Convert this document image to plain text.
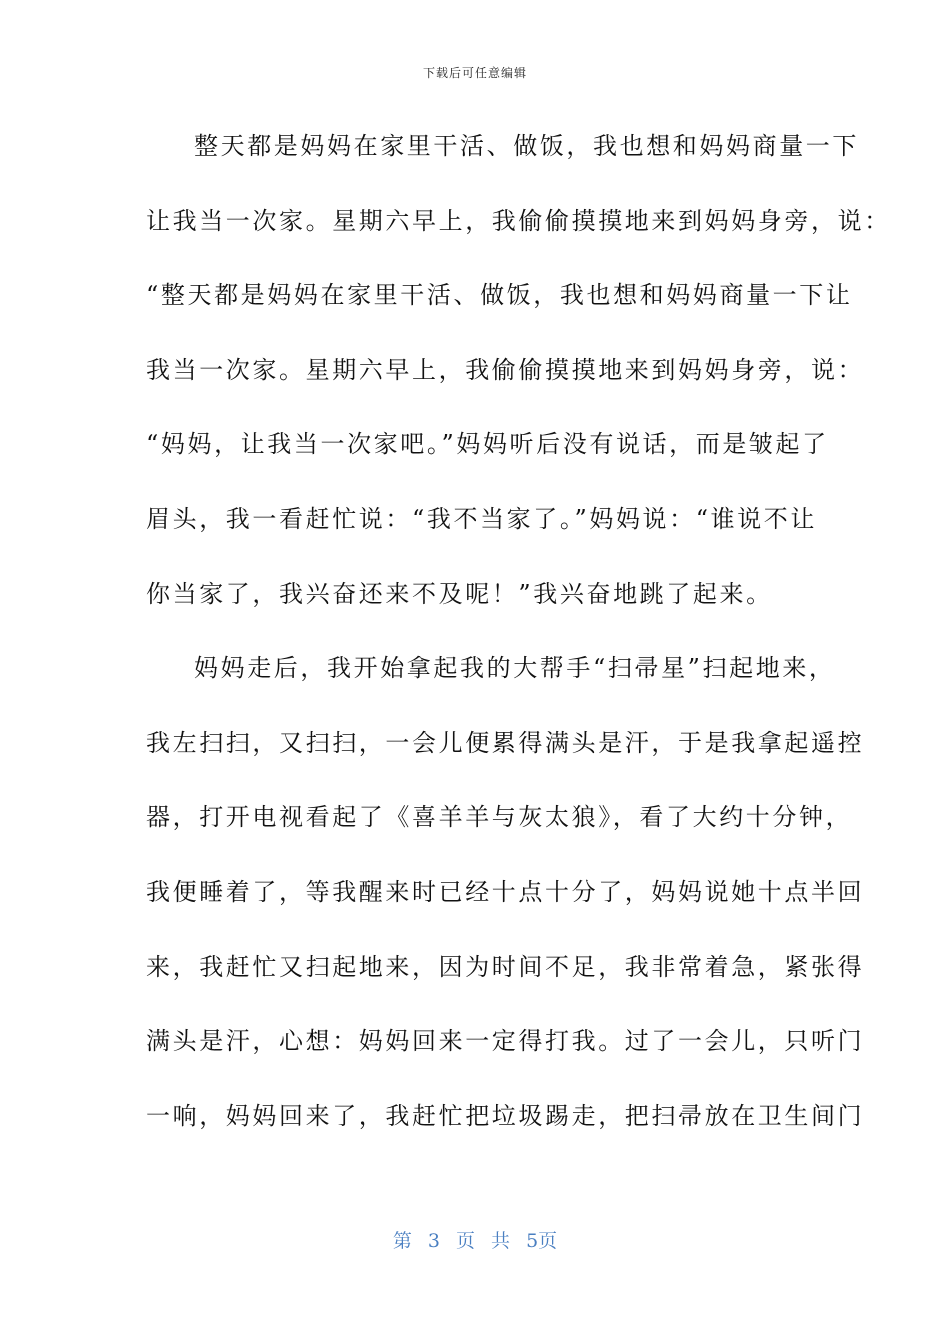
下载后可任意编辑
整天都是妈妈在家里干活、做饭，我也想和妈妈商量一下
让我当一次家。星期六早上，我偷偷摸摸地来到妈妈身旁，说：
“整天都是妈妈在家里干活、做饭，我也想和妈妈商量一下让
我当一次家。星期六早上，我偷偷摸摸地来到妈妈身旁，说：
“妈妈，让我当一次家吧。”妈妈听后没有说话，而是皱起了
眉头，我一看赶忙说：“我不当家了。”妈妈说：“谁说不让
你当家了，我兴奋还来不及呢！”我兴奋地跳了起来。
妈妈走后，我开始拿起我的大帮手“扫帚星”扫起地来，
我左扫扫，又扫扫，一会儿便累得满头是汗，于是我拿起遥控
器，打开电视看起了《喜羊羊与灰太狼》，看了大约十分钟，
我便睡着了，等我醒来时已经十点十分了，妈妈说她十点半回
来，我赶忙又扫起地来，因为时间不足，我非常着急，紧张得
满头是汗，心想：妈妈回来一定得打我。过了一会儿，只听门
一响，妈妈回来了，我赶忙把垃圾踢走，把扫帚放在卫生间门
第 3 页 共 5页
